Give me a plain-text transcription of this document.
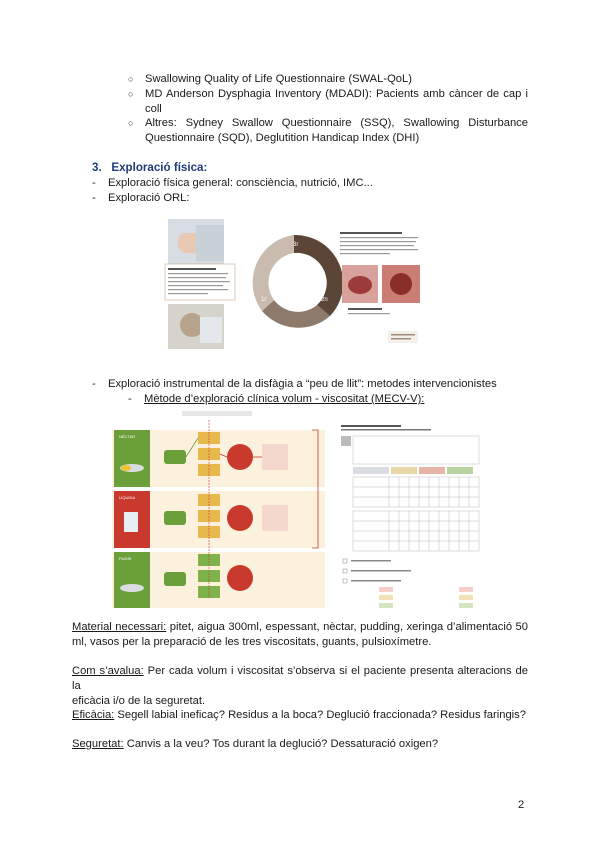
○ Swallowing Quality of Life Questionnaire (SWAL-QoL)
○ MD Anderson Dysphagia Inventory (MDADI): Pacients amb càncer de cap i
coll
○ Altres: Sydney Swallow Questionnaire (SSQ), Swallowing Disturbance
Questionnaire (SQD), Deglutition Handicap Index (DHI)
3.   Exploració física:
- Exploració física general: consciència, nutrició, IMC...
- Exploració ORL:
3r
1r	2n
- Exploració instrumental de la disfàgia a “peu de llit”: metodes intervencionistes
- Mètode d’exploració clínica volum - viscositat (MECV-V):
NÉCTAR
LÍQUIDA
PUDIN
Material necessari: pitet, aigua 300ml, espessant, nèctar, pudding, xeringa d’alimentació 50
ml, vasos per la preparació de les tres viscositats, guants, pulsioxímetre.
Com s’avalua: Per cada volum i viscositat s’observa si el paciente presenta alteracions de la
eficàcia i/o de la seguretat.
Eficàcia: Segell labial ineficaç? Residus a la boca? Deglució fraccionada? Residus faringis?
Seguretat: Canvis a la veu? Tos durant la deglució? Dessaturació oxigen?
2
